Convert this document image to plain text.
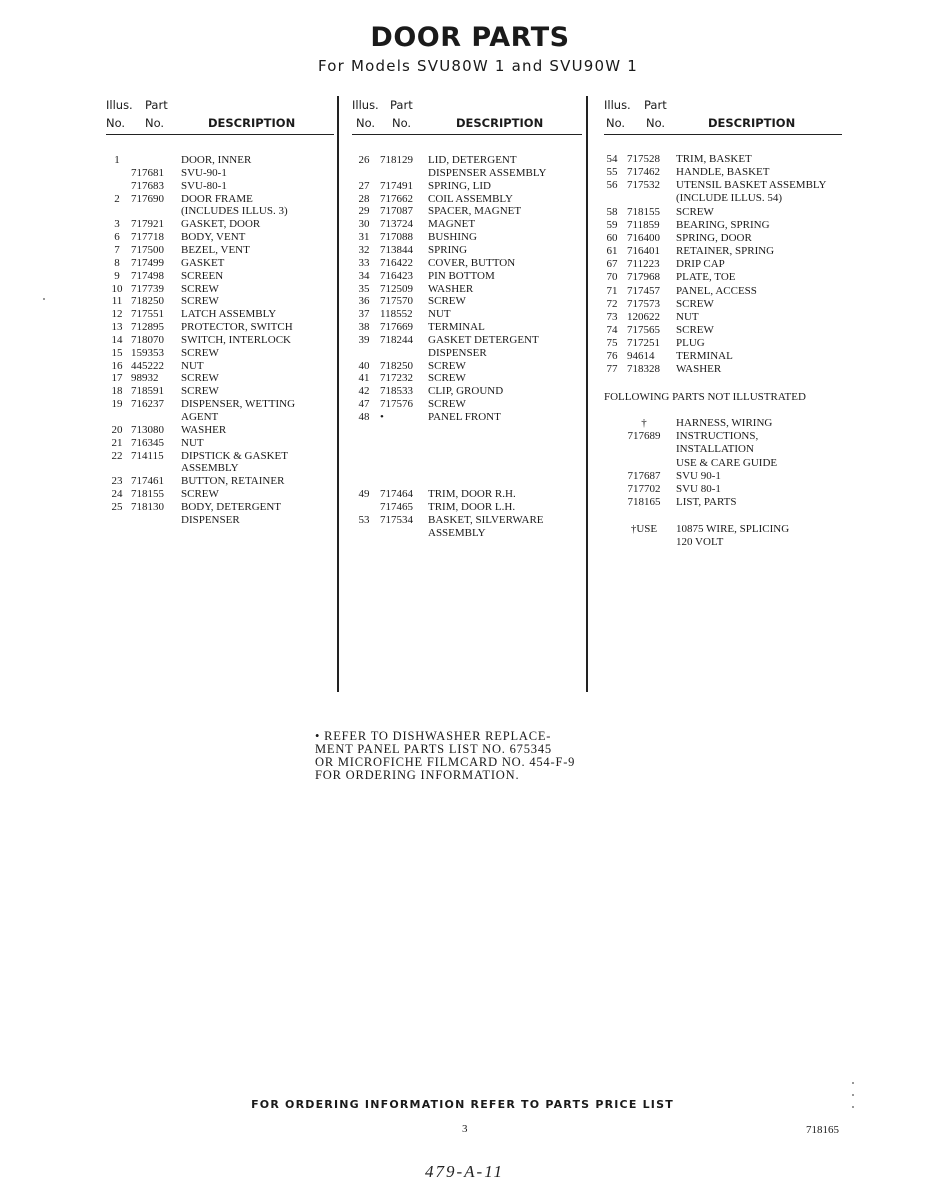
DOOR PARTS
For Models SVU80W 1 and SVU90W 1
Illus. Part
No. No.	DESCRIPTION
Illus. Part
No. No.	DESCRIPTION
Illus. Part
No. No.	DESCRIPTION
1	DOOR, INNER
717681 SVU-90-1
717683 SVU-80-1
2	717690 DOOR FRAME
(INCLUDES ILLUS. 3)
3	717921 GASKET, DOOR
6	717718 BODY, VENT
7	717500 BEZEL, VENT
8	717499 GASKET
9	717498 SCREEN
10 717739 SCREW
11 718250 SCREW
12 717551 LATCH ASSEMBLY
13 712895 PROTECTOR, SWITCH
14 718070 SWITCH, INTERLOCK
15 159353 SCREW
16 445222 NUT
17 98932 SCREW
18 718591 SCREW
19 716237 DISPENSER, WETTING
AGENT
20 713080 WASHER
21 716345 NUT
22 714115 DIPSTICK & GASKET
ASSEMBLY
23 717461 BUTTON, RETAINER
24 718155 SCREW
25 718130 BODY, DETERGENT
DISPENSER
26 718129 LID, DETERGENT
DISPENSER ASSEMBLY
27 717491 SPRING, LID
28 717662 COIL ASSEMBLY
29 717087 SPACER, MAGNET
30 713724 MAGNET
31 717088 BUSHING
32 713844 SPRING
33 716422 COVER, BUTTON
34 716423 PIN BOTTOM
35 712509 WASHER
36 717570 SCREW
37 118552 NUT
38 717669 TERMINAL
39 718244 GASKET DETERGENT
DISPENSER
40 718250 SCREW
41 717232 SCREW
42 718533 CLIP, GROUND
47 717576 SCREW
48 •	PANEL FRONT
49 717464 TRIM, DOOR R.H.
717465 TRIM, DOOR L.H.
53 717534 BASKET, SILVERWARE
ASSEMBLY
54 717528 TRIM, BASKET
55 717462 HANDLE, BASKET
56 717532 UTENSIL BASKET ASSEMBLY
(INCLUDE ILLUS. 54)
58 718155 SCREW
59 711859 BEARING, SPRING
60 716400 SPRING, DOOR
61 716401 RETAINER, SPRING
67 711223 DRIP CAP
70 717968 PLATE, TOE
71 717457 PANEL, ACCESS
72 717573 SCREW
73 120622 NUT
74 717565 SCREW
75 717251 PLUG
76 94614 TERMINAL
77 718328 WASHER
FOLLOWING PARTS NOT ILLUSTRATED
†	HARNESS, WIRING
717689 INSTRUCTIONS,
INSTALLATION
USE & CARE GUIDE
717687 SVU 90-1
717702 SVU 80-1
718165 LIST, PARTS
†USE	10875 WIRE, SPLICING
120 VOLT
• REFER TO DISHWASHER REPLACE-
MENT PANEL PARTS LIST NO. 675345
OR MICROFICHE FILMCARD NO. 454-F-9
FOR ORDERING INFORMATION.
FOR ORDERING INFORMATION REFER TO PARTS PRICE LIST
3	718165
479-A-11
